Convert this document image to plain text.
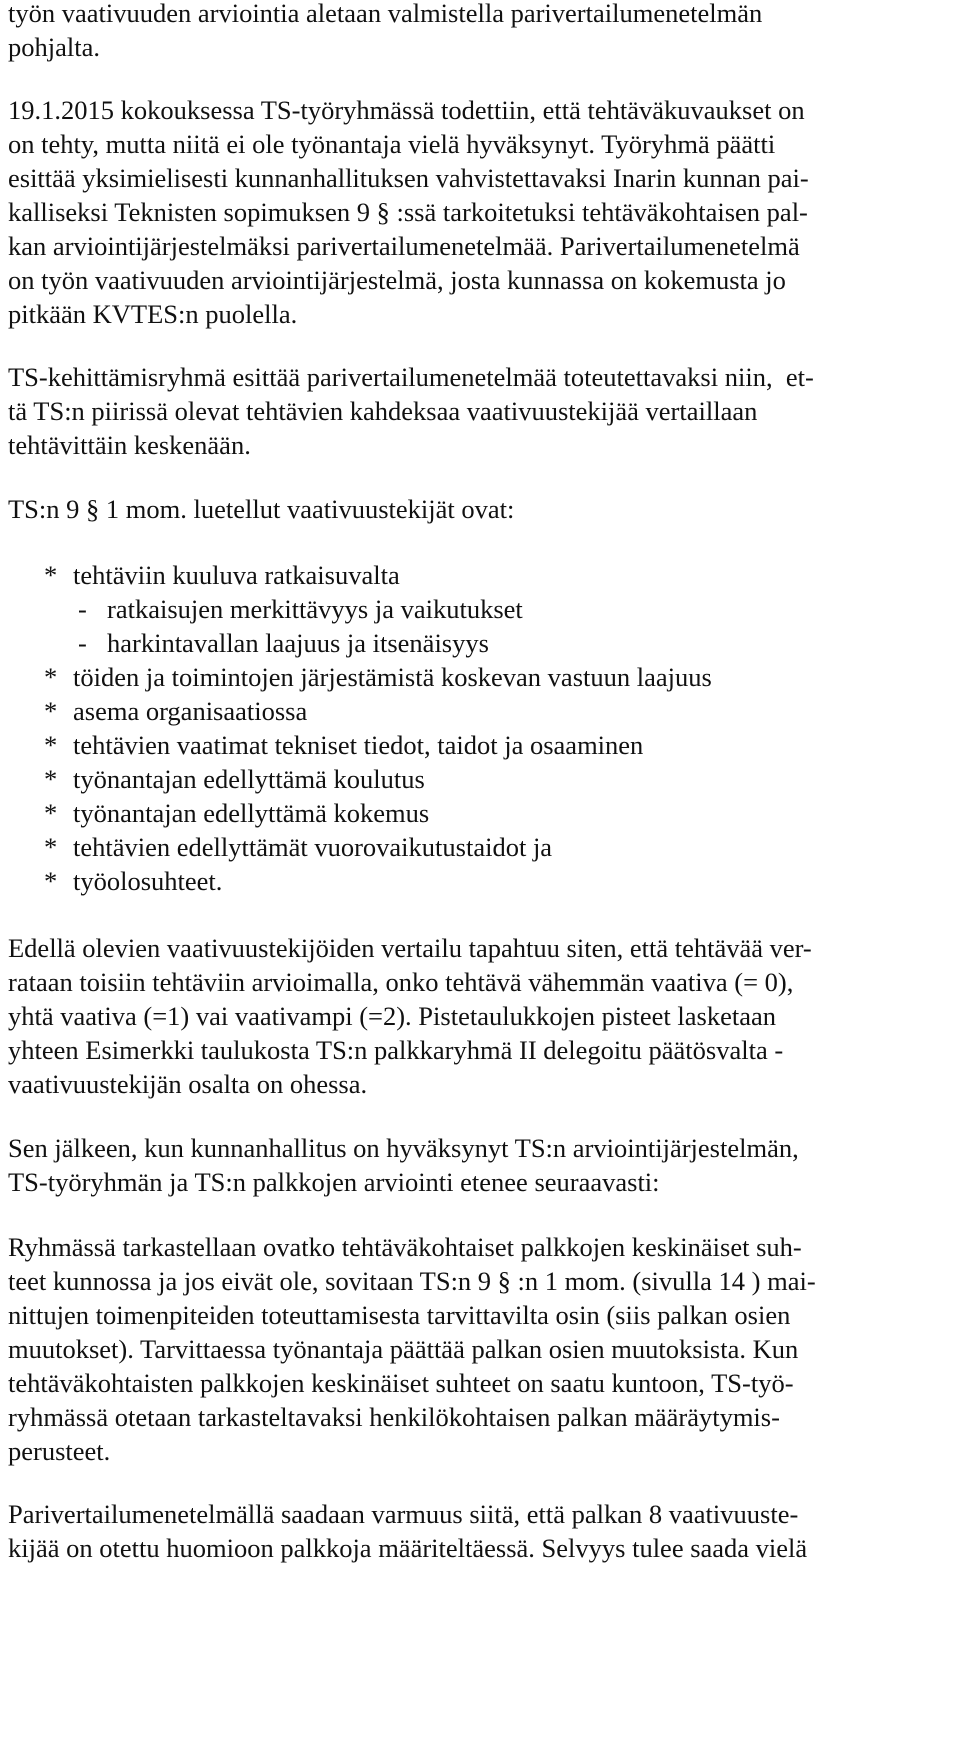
työn vaativuuden arviointia aletaan valmistella parivertailumenetelmän

pohjalta.

19.1.2015 kokouksessa TS-työryhmässä todettiin, että tehtäväkuvaukset on

on tehty, mutta niitä ei ole työnantaja vielä hyväksynyt. Työryhmä päätti

esittää yksimielisesti kunnanhallituksen vahvistettavaksi Inarin kunnan pai-

kalliseksi Teknisten sopimuksen 9 § :ssä tarkoitetuksi tehtäväkohtaisen pal-

kan arviointijärjestelmäksi parivertailumenetelmää. Parivertailumenetelmä

on työn vaativuuden arviointijärjestelmä, josta kunnassa on kokemusta jo

pitkään KVTES:n puolella.

TS-kehittämisryhmä esittää parivertailumenetelmää toteutettavaksi niin,  et-

tä TS:n piirissä olevat tehtävien kahdeksaa vaativuustekijää vertaillaan

tehtävittäin keskenään.

TS:n 9 § 1 mom. luetellut vaativuustekijät ovat:

* tehtäviin kuuluva ratkaisuvalta
- ratkaisujen merkittävyys ja vaikutukset
- harkintavallan laajuus ja itsenäisyys
* töiden ja toimintojen järjestämistä koskevan vastuun laajuus
* asema organisaatiossa
* tehtävien vaatimat tekniset tiedot, taidot ja osaaminen
* työnantajan edellyttämä koulutus
* työnantajan edellyttämä kokemus
* tehtävien edellyttämät vuorovaikutustaidot ja
* työolosuhteet.

Edellä olevien vaativuustekijöiden vertailu tapahtuu siten, että tehtävää ver-

rataan toisiin tehtäviin arvioimalla, onko tehtävä vähemmän vaativa (= 0),

yhtä vaativa (=1) vai vaativampi (=2). Pistetaulukkojen pisteet lasketaan

yhteen Esimerkki taulukosta TS:n palkkaryhmä II delegoitu päätösvalta -

vaativuustekijän osalta on ohessa.

Sen jälkeen, kun kunnanhallitus on hyväksynyt TS:n arviointijärjestelmän,

TS-työryhmän ja TS:n palkkojen arviointi etenee seuraavasti:

Ryhmässä tarkastellaan ovatko tehtäväkohtaiset palkkojen keskinäiset suh-

teet kunnossa ja jos eivät ole, sovitaan TS:n 9 § :n 1 mom. (sivulla 14 ) mai-

nittujen toimenpiteiden toteuttamisesta tarvittavilta osin (siis palkan osien

muutokset). Tarvittaessa työnantaja päättää palkan osien muutoksista. Kun

tehtäväkohtaisten palkkojen keskinäiset suhteet on saatu kuntoon, TS-työ-

ryhmässä otetaan tarkasteltavaksi henkilökohtaisen palkan määräytymis-

perusteet.

Parivertailumenetelmällä saadaan varmuus siitä, että palkan 8 vaativuuste-

kijää on otettu huomioon palkkoja määriteltäessä. Selvyys tulee saada vielä
